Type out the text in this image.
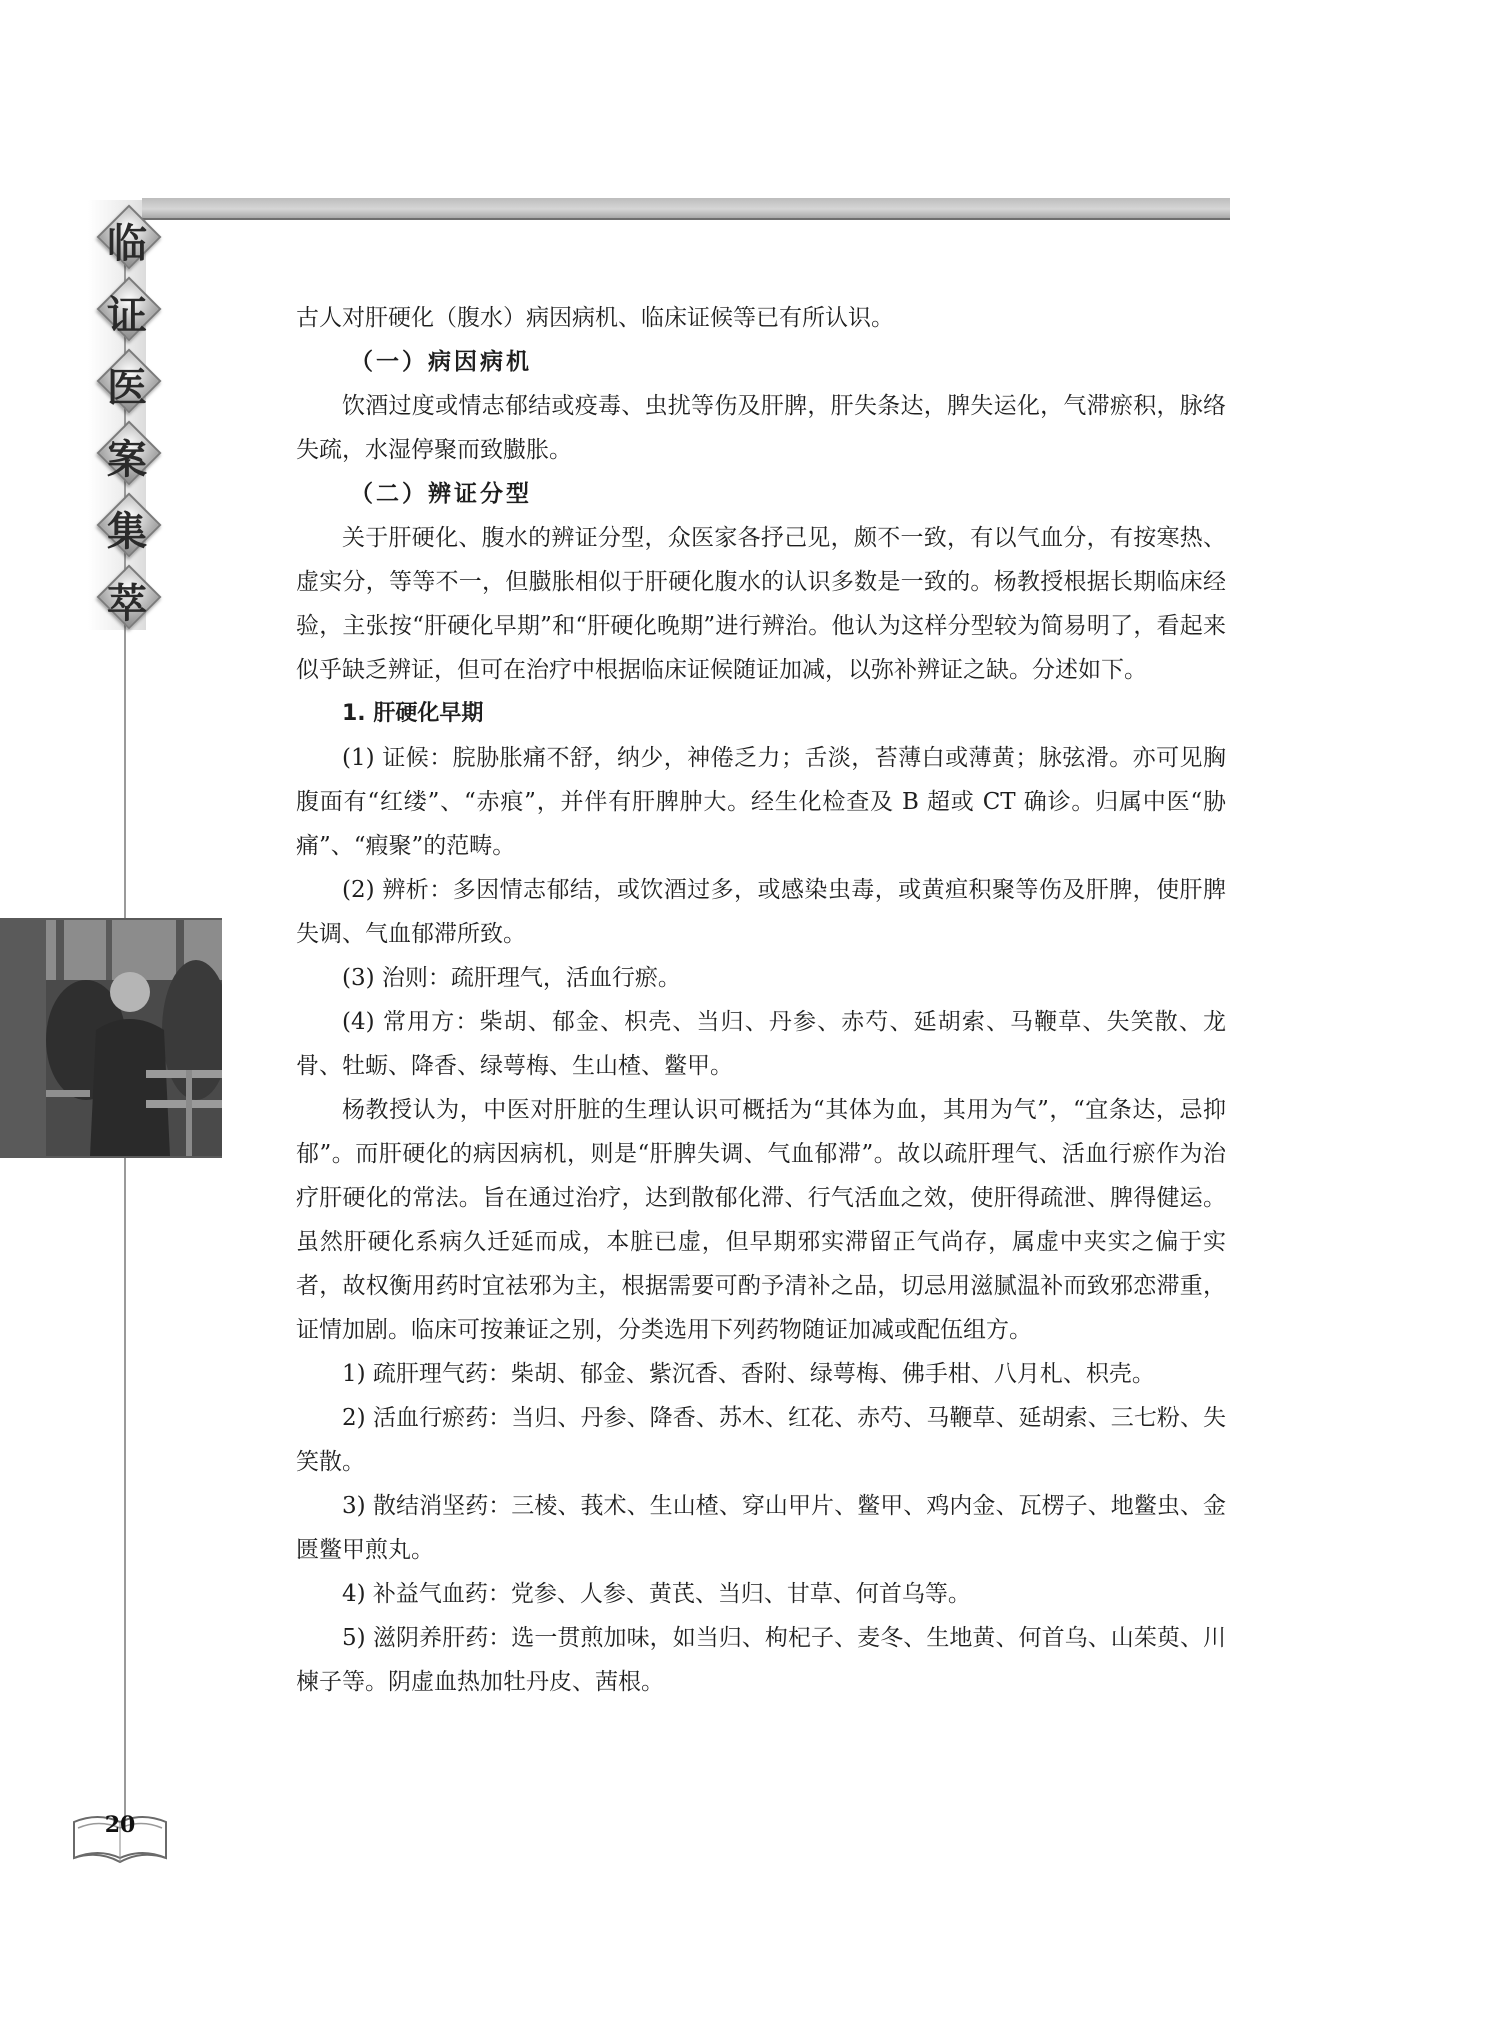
临
证
医
案
集
萃
20

古人对肝硬化（腹水）病因病机、临床证候等已有所认识。

（一）病因病机

饮酒过度或情志郁结或疫毒、虫扰等伤及肝脾，肝失条达，脾失运化，气滞瘀积，脉络失疏，水湿停聚而致臌胀。

（二）辨证分型

关于肝硬化、腹水的辨证分型，众医家各抒己见，颇不一致，有以气血分，有按寒热、虚实分，等等不一，但臌胀相似于肝硬化腹水的认识多数是一致的。杨教授根据长期临床经验，主张按“肝硬化早期”和“肝硬化晚期”进行辨治。他认为这样分型较为简易明了，看起来似乎缺乏辨证，但可在治疗中根据临床证候随证加减，以弥补辨证之缺。分述如下。

1. 肝硬化早期

(1) 证候：脘胁胀痛不舒，纳少，神倦乏力；舌淡，苔薄白或薄黄；脉弦滑。亦可见胸腹面有“红缕”、“赤痕”，并伴有肝脾肿大。经生化检查及 B 超或 CT 确诊。归属中医“胁痛”、“瘕聚”的范畴。

(2) 辨析：多因情志郁结，或饮酒过多，或感染虫毒，或黄疸积聚等伤及肝脾，使肝脾失调、气血郁滞所致。

(3) 治则：疏肝理气，活血行瘀。

(4) 常用方：柴胡、郁金、枳壳、当归、丹参、赤芍、延胡索、马鞭草、失笑散、龙骨、牡蛎、降香、绿萼梅、生山楂、鳖甲。

杨教授认为，中医对肝脏的生理认识可概括为“其体为血，其用为气”，“宜条达，忌抑郁”。而肝硬化的病因病机，则是“肝脾失调、气血郁滞”。故以疏肝理气、活血行瘀作为治疗肝硬化的常法。旨在通过治疗，达到散郁化滞、行气活血之效，使肝得疏泄、脾得健运。虽然肝硬化系病久迁延而成，本脏已虚，但早期邪实滞留正气尚存，属虚中夹实之偏于实者，故权衡用药时宜祛邪为主，根据需要可酌予清补之品，切忌用滋腻温补而致邪恋滞重，证情加剧。临床可按兼证之别，分类选用下列药物随证加减或配伍组方。

1) 疏肝理气药：柴胡、郁金、紫沉香、香附、绿萼梅、佛手柑、八月札、枳壳。

2) 活血行瘀药：当归、丹参、降香、苏木、红花、赤芍、马鞭草、延胡索、三七粉、失笑散。

3) 散结消坚药：三棱、莪术、生山楂、穿山甲片、鳖甲、鸡内金、瓦楞子、地鳖虫、金匮鳖甲煎丸。

4) 补益气血药：党参、人参、黄芪、当归、甘草、何首乌等。

5) 滋阴养肝药：选一贯煎加味，如当归、枸杞子、麦冬、生地黄、何首乌、山茱萸、川楝子等。阴虚血热加牡丹皮、茜根。
